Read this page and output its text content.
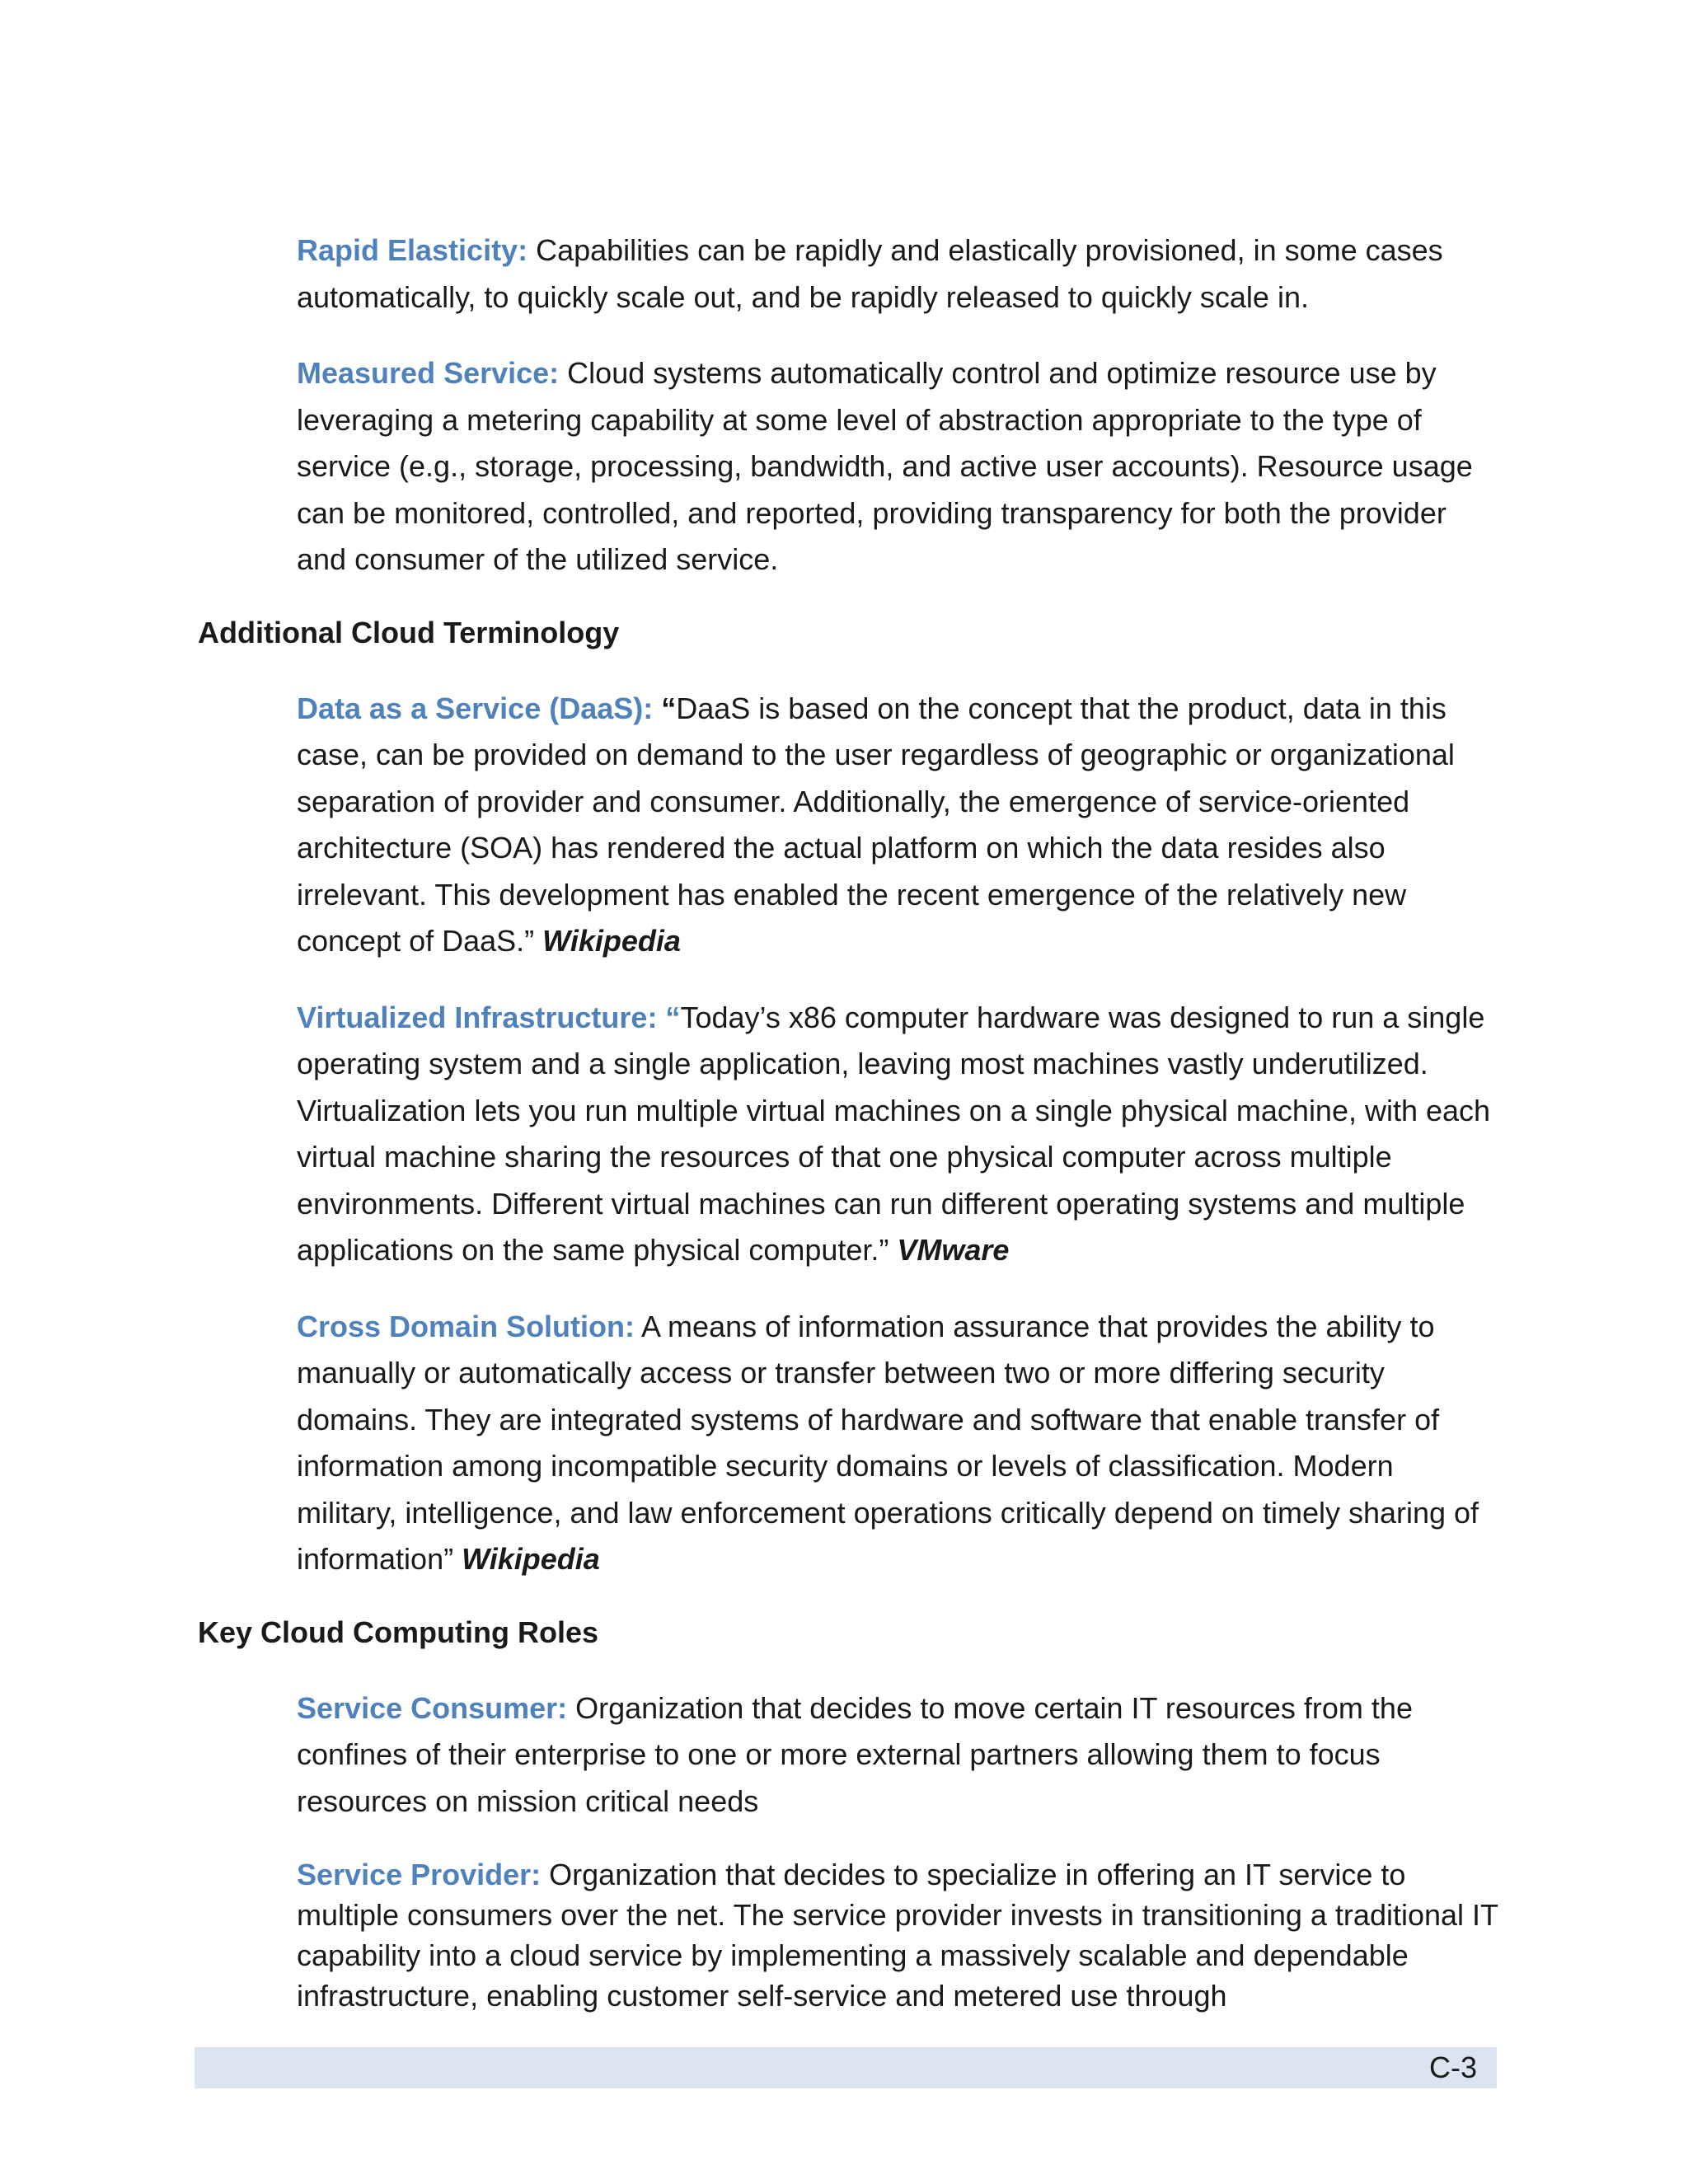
Rapid Elasticity: Capabilities can be rapidly and elastically provisioned, in some cases automatically, to quickly scale out, and be rapidly released to quickly scale in.

Measured Service: Cloud systems automatically control and optimize resource use by leveraging a metering capability at some level of abstraction appropriate to the type of service (e.g., storage, processing, bandwidth, and active user accounts). Resource usage can be monitored, controlled, and reported, providing transparency for both the provider and consumer of the utilized service.

Additional Cloud Terminology

Data as a Service (DaaS): “DaaS is based on the concept that the product, data in this case, can be provided on demand to the user regardless of geographic or organizational separation of provider and consumer. Additionally, the emergence of service-oriented architecture (SOA) has rendered the actual platform on which the data resides also irrelevant. This development has enabled the recent emergence of the relatively new concept of DaaS.” Wikipedia

Virtualized Infrastructure: “Today’s x86 computer hardware was designed to run a single operating system and a single application, leaving most machines vastly underutilized. Virtualization lets you run multiple virtual machines on a single physical machine, with each virtual machine sharing the resources of that one physical computer across multiple environments. Different virtual machines can run different operating systems and multiple applications on the same physical computer.” VMware

Cross Domain Solution: A means of information assurance that provides the ability to manually or automatically access or transfer between two or more differing security domains. They are integrated systems of hardware and software that enable transfer of information among incompatible security domains or levels of classification. Modern military, intelligence, and law enforcement operations critically depend on timely sharing of information” Wikipedia

Key Cloud Computing Roles

Service Consumer: Organization that decides to move certain IT resources from the confines of their enterprise to one or more external partners allowing them to focus resources on mission critical needs

Service Provider: Organization that decides to specialize in offering an IT service to multiple consumers over the net. The service provider invests in transitioning a traditional IT capability into a cloud service by implementing a massively scalable and dependable infrastructure, enabling customer self-service and metered use through

C-3
